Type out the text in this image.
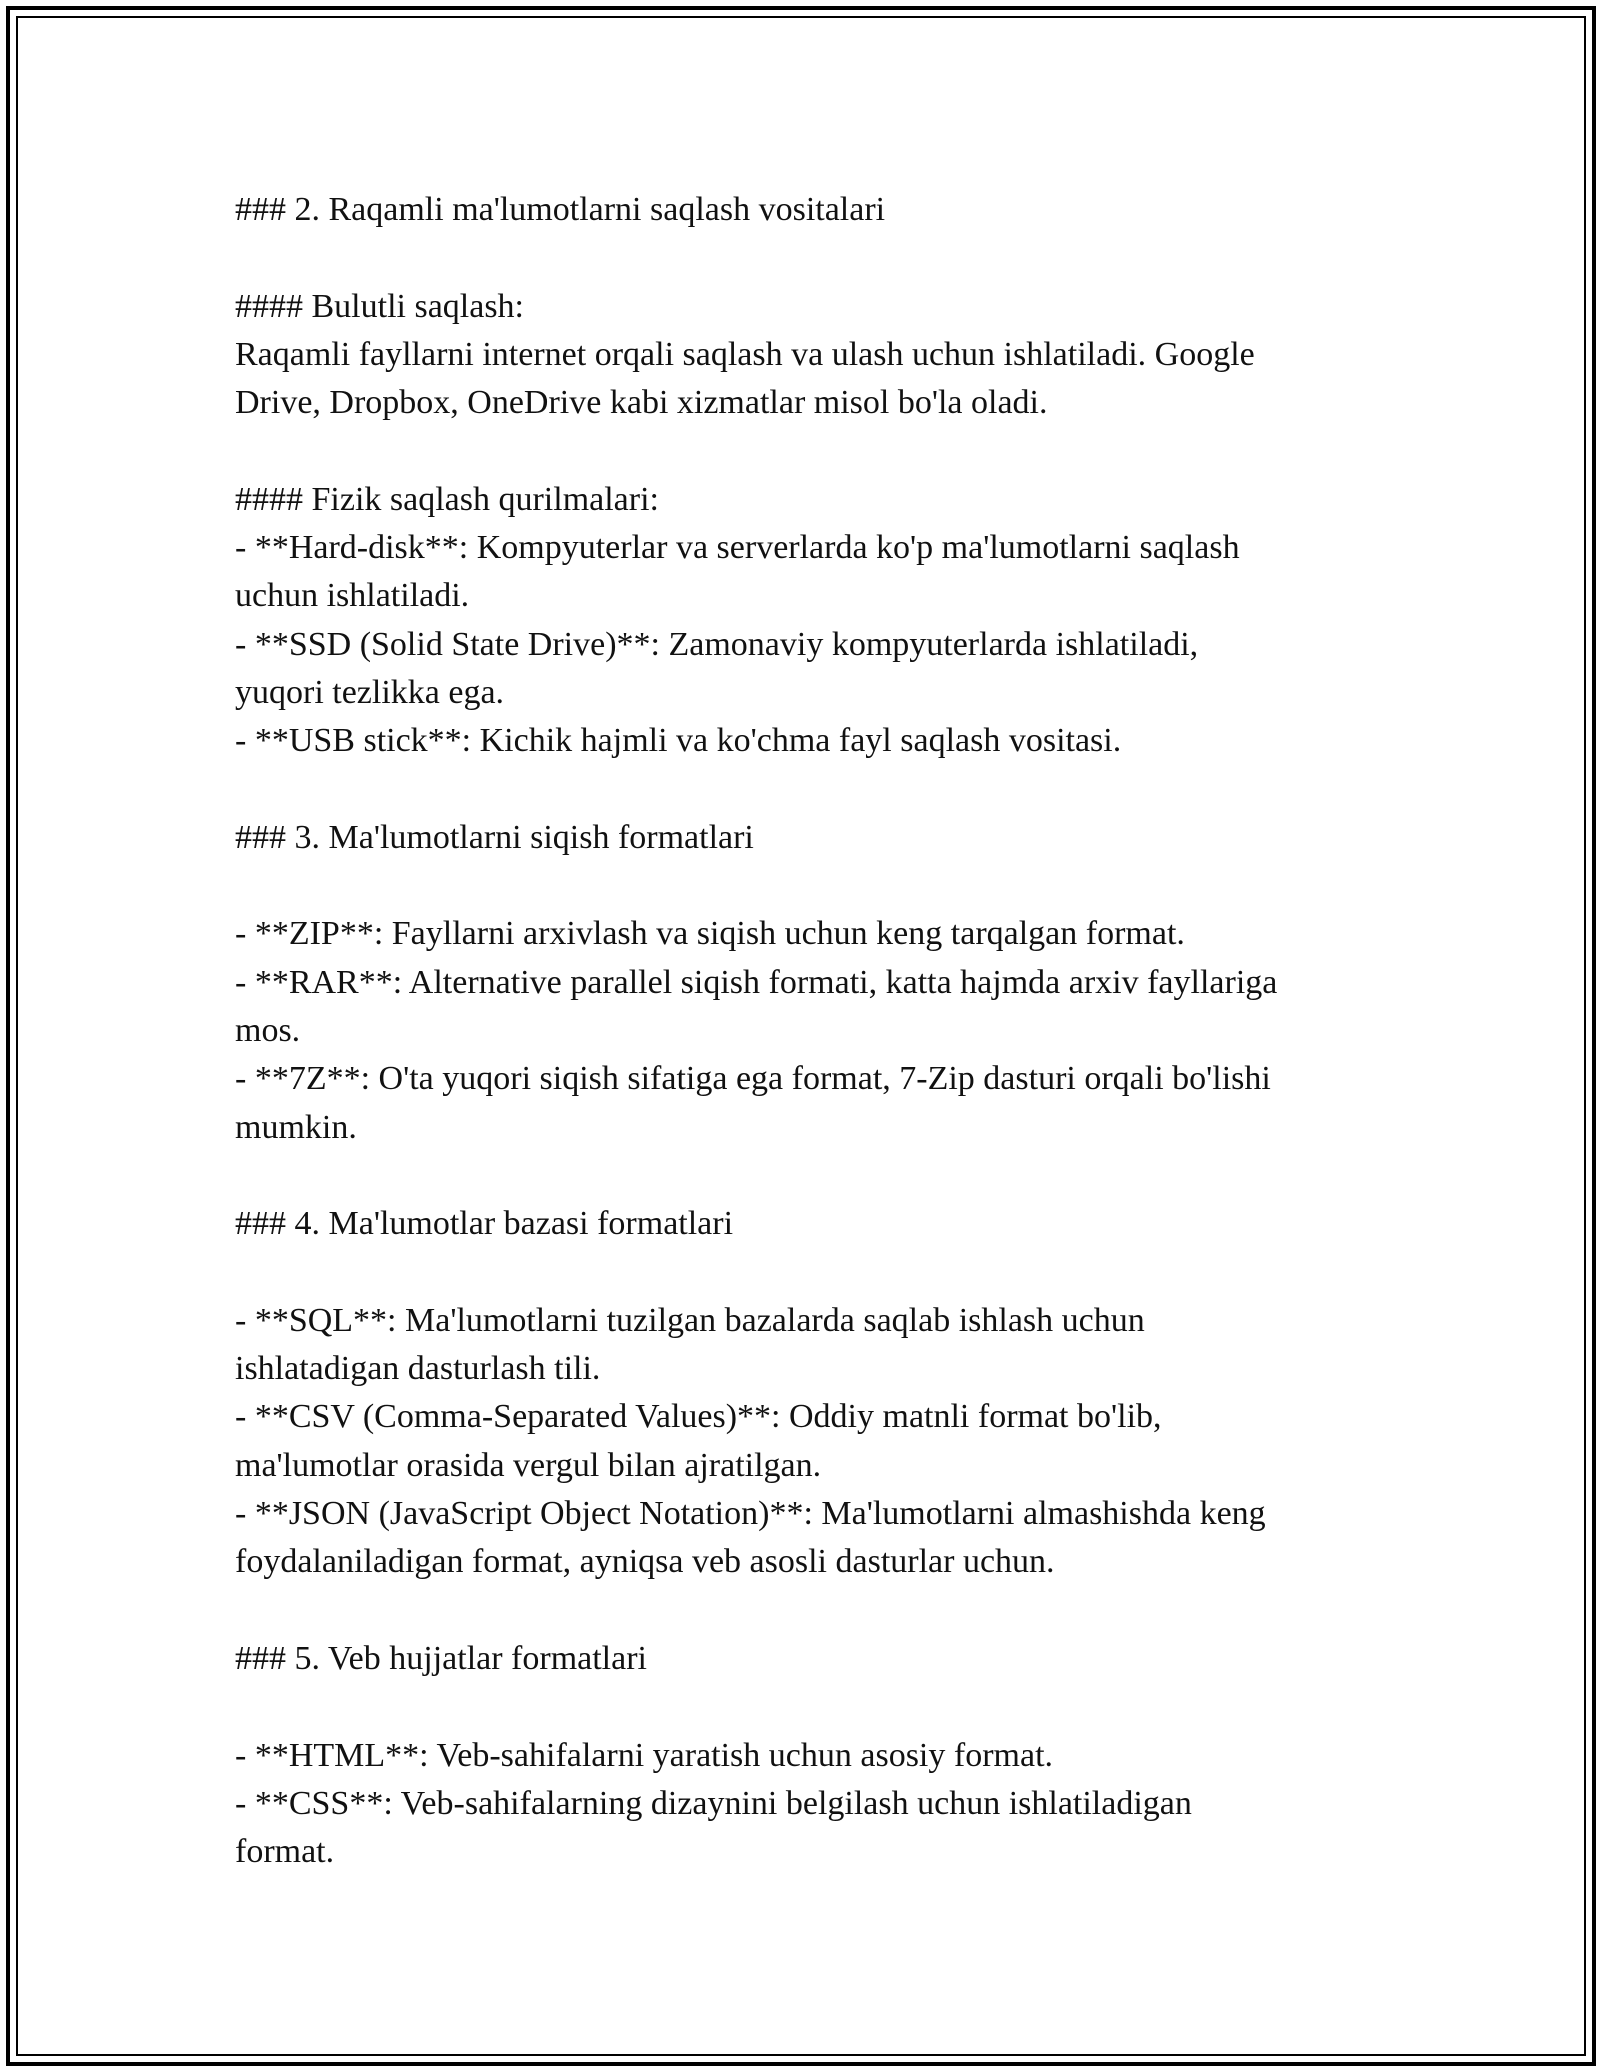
### 2. Raqamli ma'lumotlarni saqlash vositalari

#### Bulutli saqlash:

Raqamli fayllarni internet orqali saqlash va ulash uchun ishlatiladi. Google

Drive, Dropbox, OneDrive kabi xizmatlar misol bo'la oladi.

#### Fizik saqlash qurilmalari:

- **Hard-disk**: Kompyuterlar va serverlarda ko'p ma'lumotlarni saqlash

uchun ishlatiladi.

- **SSD (Solid State Drive)**: Zamonaviy kompyuterlarda ishlatiladi,

yuqori tezlikka ega.

- **USB stick**: Kichik hajmli va ko'chma fayl saqlash vositasi.

### 3. Ma'lumotlarni siqish formatlari

- **ZIP**: Fayllarni arxivlash va siqish uchun keng tarqalgan format.

- **RAR**: Alternative parallel siqish formati, katta hajmda arxiv fayllariga

mos.

- **7Z**: O'ta yuqori siqish sifatiga ega format, 7-Zip dasturi orqali bo'lishi

mumkin.

### 4. Ma'lumotlar bazasi formatlari

- **SQL**: Ma'lumotlarni tuzilgan bazalarda saqlab ishlash uchun

ishlatadigan dasturlash tili.

- **CSV (Comma-Separated Values)**: Oddiy matnli format bo'lib,

ma'lumotlar orasida vergul bilan ajratilgan.

- **JSON (JavaScript Object Notation)**: Ma'lumotlarni almashishda keng

foydalaniladigan format, ayniqsa veb asosli dasturlar uchun.

### 5. Veb hujjatlar formatlari

- **HTML**: Veb-sahifalarni yaratish uchun asosiy format.

- **CSS**: Veb-sahifalarning dizaynini belgilash uchun ishlatiladigan

format.
